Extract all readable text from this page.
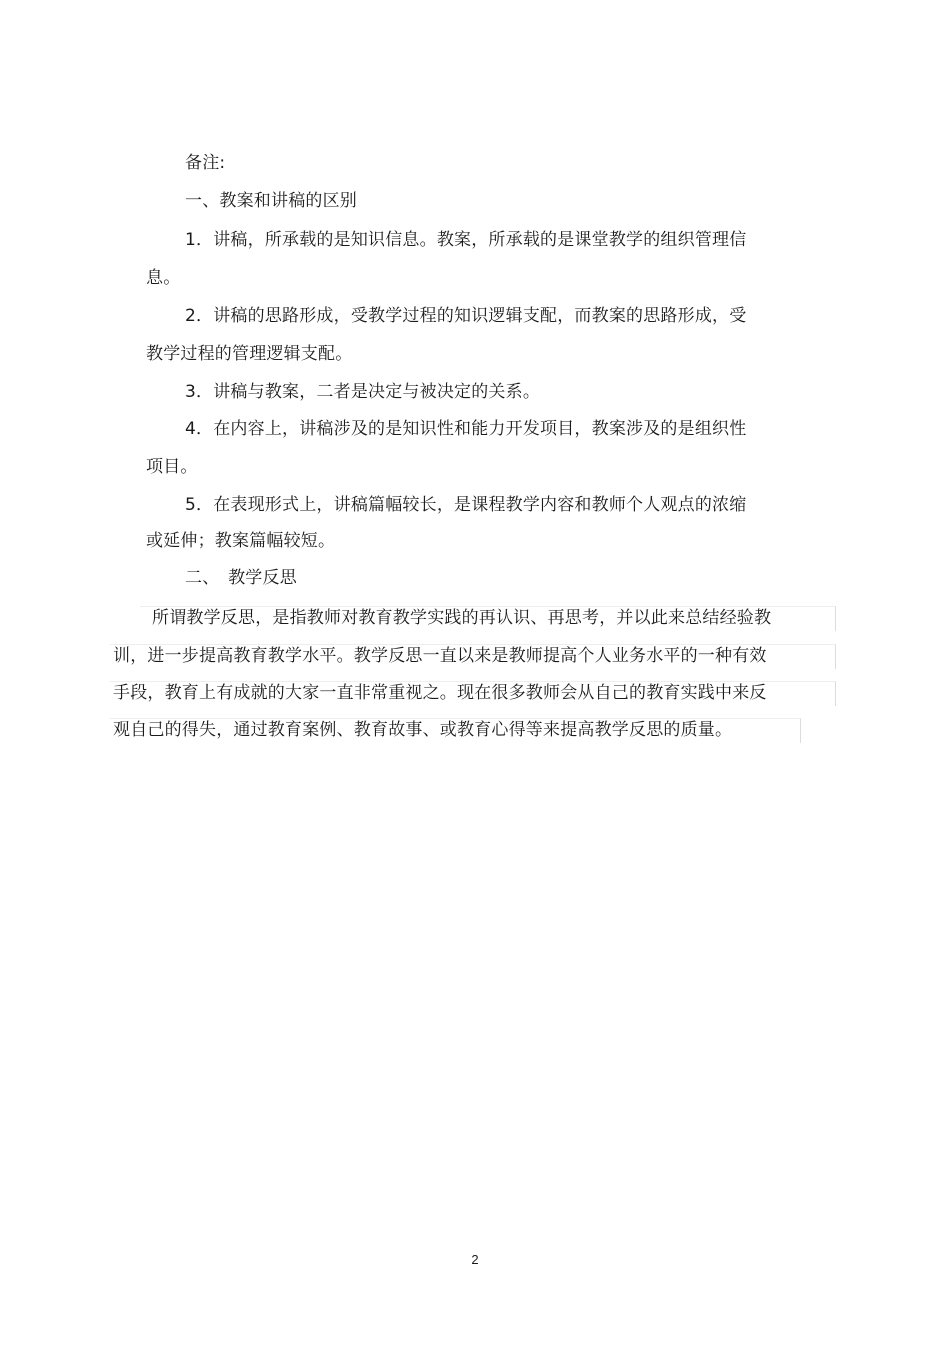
备注:
一、教案和讲稿的区别
1．讲稿，所承载的是知识信息。教案，所承载的是课堂教学的组织管理信
息。
2．讲稿的思路形成，受教学过程的知识逻辑支配，而教案的思路形成，受
教学过程的管理逻辑支配。
3．讲稿与教案，二者是决定与被决定的关系。
4．在内容上，讲稿涉及的是知识性和能力开发项目，教案涉及的是组织性
项目。
5．在表现形式上，讲稿篇幅较长，是课程教学内容和教师个人观点的浓缩
或延伸；教案篇幅较短。
二、　教学反思
所谓教学反思，是指教师对教育教学实践的再认识、再思考，并以此来总结经验教
训，进一步提高教育教学水平。教学反思一直以来是教师提高个人业务水平的一种有效
手段，教育上有成就的大家一直非常重视之。现在很多教师会从自己的教育实践中来反
观自己的得失，通过教育案例、教育故事、或教育心得等来提高教学反思的质量。
2
